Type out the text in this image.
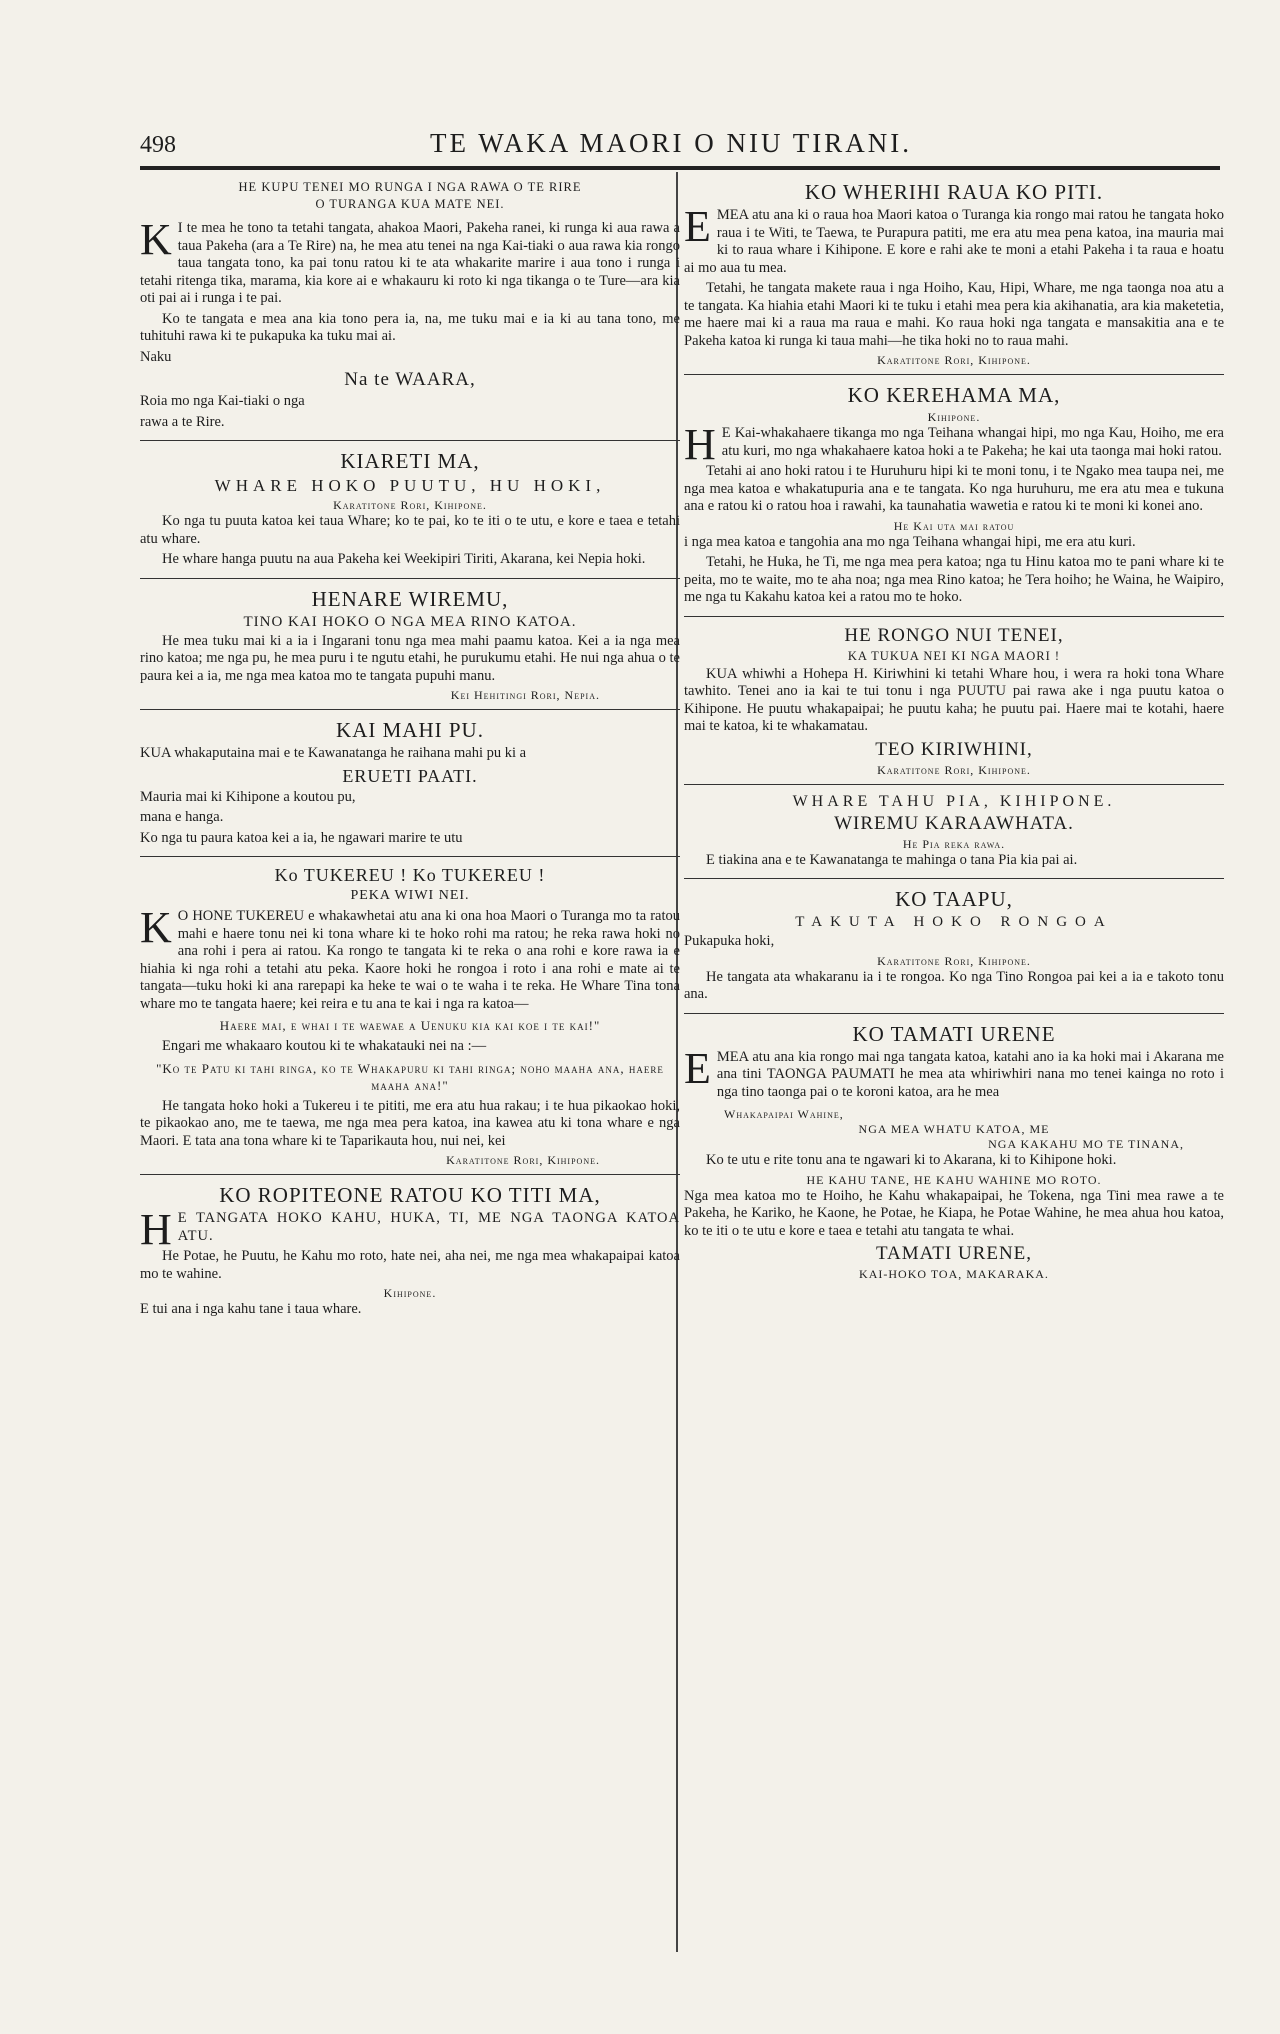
498	TE WAKA MAORI O NIU TIRANI.
HE KUPU TENEI MO RUNGA I NGA RAWA O TE RIRE
O TURANGA KUA MATE NEI.

K I te mea he tono ta tetahi tangata, ahakoa Maori, Pakeha ranei, ki runga ki aua rawa a taua Pakeha (ara a Te Rire) na, he mea atu tenei na nga Kai-tiaki o aua rawa kia rongo taua tangata tono, ka pai tonu ratou ki te ata whakarite marire i aua tono i runga i tetahi ritenga tika, marama, kia kore ai e whakauru ki roto ki nga tikanga o te Ture—ara kia oti pai ai i runga i te pai.

Ko te tangata e mea ana kia tono pera ia, na, me tuku mai e ia ki au tana tono, me tuhituhi rawa ki te pukapuka ka tuku mai ai.

Naku

Na te WAARA,

Roia mo nga Kai-tiaki o nga

rawa a te Rire.

KIARETI MA,
WHARE HOKO PUUTU, HU HOKI,
Karatitone Rori, Kihipone.

Ko nga tu puuta katoa kei taua Whare; ko te pai, ko te iti o te utu, e kore e taea e tetahi atu whare.

He whare hanga puutu na aua Pakeha kei Weekipiri Tiriti, Akarana, kei Nepia hoki.

HENARE WIREMU,
TINO KAI HOKO O NGA MEA RINO KATOA.

He mea tuku mai ki a ia i Ingarani tonu nga mea mahi paamu katoa. Kei a ia nga mea rino katoa; me nga pu, he mea puru i te ngutu etahi, he purukumu etahi. He nui nga ahua o te paura kei a ia, me nga mea katoa mo te tangata pupuhi manu.

Kei Hehitingi Rori, Nepia.
KAI MAHI PU.

KUA whakaputaina mai e te Kawanatanga he raihana mahi pu ki a

ERUETI PAATI.

Mauria mai ki Kihipone a koutou pu,

mana e hanga.

Ko nga tu paura katoa kei a ia, he ngawari marire te utu

Ko TUKEREU ! Ko TUKEREU !
PEKA WIWI NEI.

K O HONE TUKEREU e whakawhetai atu ana ki ona hoa Maori o Turanga mo ta ratou mahi e haere tonu nei ki tona whare ki te hoko rohi ma ratou; he reka rawa hoki no ana rohi i pera ai ratou. Ka rongo te tangata ki te reka o ana rohi e kore rawa ia e hiahia ki nga rohi a tetahi atu peka. Kaore hoki he rongoa i roto i ana rohi e mate ai te tangata—tuku hoki ki ana rarepapi ka heke te wai o te waha i te reka. He Whare Tina tona whare mo te tangata haere; kei reira e tu ana te kai i nga ra katoa—

Haere mai, e whai i te waewae a Uenuku kia kai koe i te kai!"

Engari me whakaaro koutou ki te whakatauki nei na :—

"Ko te Patu ki tahi ringa, ko te Whakapuru ki tahi ringa; noho maaha ana, haere maaha ana!"

He tangata hoko hoki a Tukereu i te pititi, me era atu hua rakau; i te hua pikaokao hoki, te pikaokao ano, me te taewa, me nga mea pera katoa, ina kawea atu ki tona whare e nga Maori. E tata ana tona whare ki te Taparikauta hou, nui nei, kei

Karatitone Rori, Kihipone.
KO ROPITEONE RATOU KO TITI MA,

H E TANGATA HOKO KAHU, HUKA, TI, ME NGA TAONGA KATOA ATU.

He Potae, he Puutu, he Kahu mo roto, hate nei, aha nei, me nga mea whakapaipai katoa mo te wahine.

Kihipone.

E tui ana i nga kahu tane i taua whare.

KO WHERIHI RAUA KO PITI.

EMEA atu ana ki o raua hoa Maori katoa o Turanga kia rongo mai ratou he tangata hoko raua i te Witi, te Taewa, te Purapura patiti, me era atu mea pena katoa, ina mauria mai ki to raua whare i Kihipone. E kore e rahi ake te moni a etahi Pakeha i ta raua e hoatu ai mo aua tu mea.

Tetahi, he tangata makete raua i nga Hoiho, Kau, Hipi, Whare, me nga taonga noa atu a te tangata. Ka hiahia etahi Maori ki te tuku i etahi mea pera kia akihanatia, ara kia maketetia, me haere mai ki a raua ma raua e mahi. Ko raua hoki nga tangata e mansakitia ana e te Pakeha katoa ki runga ki taua mahi—he tika hoki no to raua mahi.

Karatitone Rori, Kihipone.
KO KEREHAMA MA,
Kihipone.

H E Kai-whakahaere tikanga mo nga Teihana whangai hipi, mo nga Kau, Hoiho, me era atu kuri, mo nga whakahaere katoa hoki a te Pakeha; he kai uta taonga mai hoki ratou.

Tetahi ai ano hoki ratou i te Huruhuru hipi ki te moni tonu, i te Ngako mea taupa nei, me nga mea katoa e whakatupuria ana e te tangata. Ko nga huruhuru, me era atu mea e tukuna ana e ratou ki o ratou hoa i rawahi, ka taunahatia wawetia e ratou ki te moni ki konei ano.

He Kai uta mai ratou

i nga mea katoa e tangohia ana mo nga Teihana whangai hipi, me era atu kuri.

Tetahi, he Huka, he Ti, me nga mea pera katoa; nga tu Hinu katoa mo te pani whare ki te peita, mo te waite, mo te aha noa; nga mea Rino katoa; he Tera hoiho; he Waina, he Waipiro, me nga tu Kakahu katoa kei a ratou mo te hoko.

HE RONGO NUI TENEI,
KA TUKUA NEI KI NGA MAORI !

KUA whiwhi a Hohepa H. Kiriwhini ki tetahi Whare hou, i wera ra hoki tona Whare tawhito. Tenei ano ia kai te tui tonu i nga PUUTU pai rawa ake i nga puutu katoa o Kihipone. He puutu whakapaipai; he puutu kaha; he puutu pai. Haere mai te kotahi, haere mai te katoa, ki te whakamatau.

TEO KIRIWHINI,
Karatitone Rori, Kihipone.
WHARE TAHU PIA, KIHIPONE.
WIREMU KARAAWHATA.
He Pia reka rawa.

E tiakina ana e te Kawanatanga te mahinga o tana Pia kia pai ai.

KO TAAPU,
TAKUTA HOKO RONGOA

Pukapuka hoki,

Karatitone Rori, Kihipone.

He tangata ata whakaranu ia i te rongoa. Ko nga Tino Rongoa pai kei a ia e takoto tonu ana.

KO TAMATI URENE

EMEA atu ana kia rongo mai nga tangata katoa, katahi ano ia ka hoki mai i Akarana me ana tini TAONGA PAUMATI he mea ata whiriwhiri nana mo tenei kainga no roto i nga tino taonga pai o te koroni katoa, ara he mea

Whakapaipai Wahine,
NGA MEA WHATU KATOA, ME
NGA KAKAHU MO TE TINANA,

Ko te utu e rite tonu ana te ngawari ki to Akarana, ki to Kihipone hoki.

HE KAHU TANE, HE KAHU WAHINE MO ROTO.

Nga mea katoa mo te Hoiho, he Kahu whakapaipai, he Tokena, nga Tini mea rawe a te Pakeha, he Kariko, he Kaone, he Potae, he Kiapa, he Potae Wahine, he mea ahua hou katoa, ko te iti o te utu e kore e taea e tetahi atu tangata te whai.

TAMATI URENE,
KAI-HOKO TOA, MAKARAKA.
